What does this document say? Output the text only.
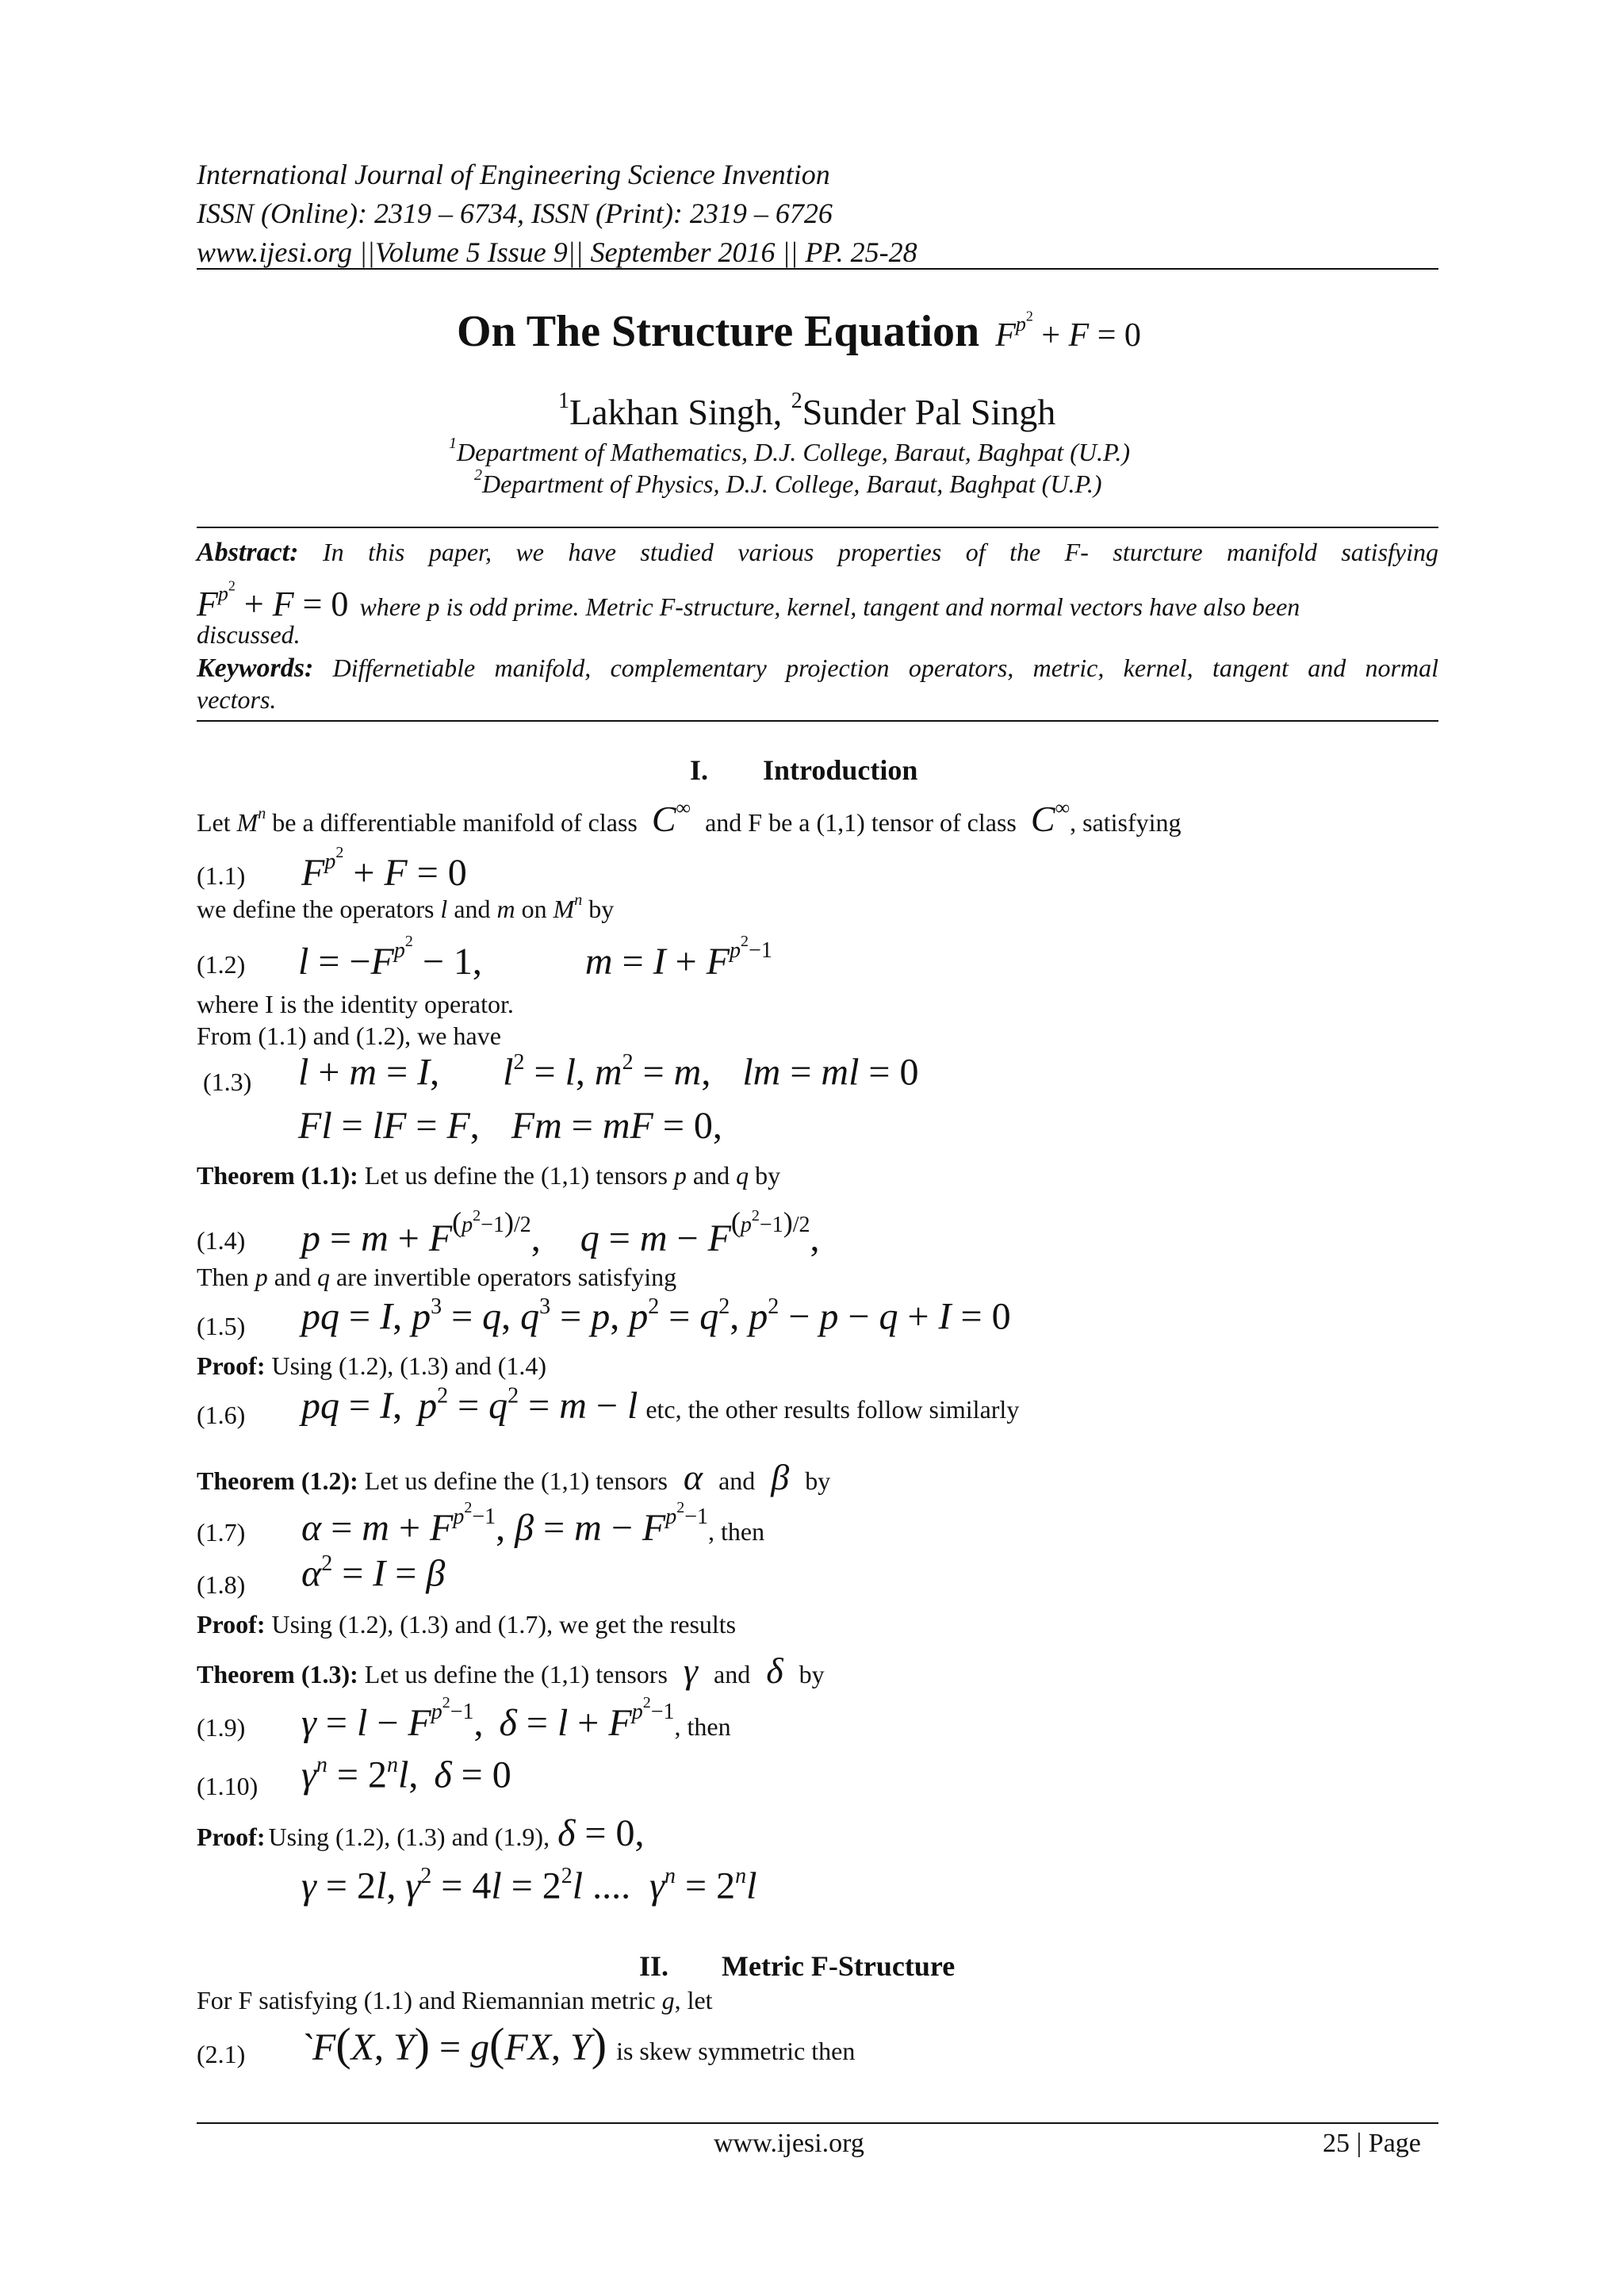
International Journal of Engineering Science Invention
ISSN (Online): 2319 – 6734, ISSN (Print): 2319 – 6726
www.ijesi.org ||Volume 5 Issue 9|| September 2016 || PP. 25-28
On The Structure Equation $F^{p^2} + F = 0$
$^1$Lakhan Singh, $^2$Sunder Pal Singh
$^1$Department of Mathematics, D.J. College, Baraut, Baghpat (U.P.)
$^2$Department of Physics, D.J. College, Baraut, Baghpat (U.P.)
Abstract: In this paper, we have studied various properties of the F- sturcture manifold satisfying
$F^{p^2} + F = 0$ where p is odd prime. Metric F-structure, kernel, tangent and normal vectors have also been
discussed.
Keywords: Differnetiable manifold, complementary projection operators, metric, kernel, tangent and normal
vectors.
I. Introduction
Let $M^n$ be a differentiable manifold of class C∞ and F be a (1,1) tensor of class C∞, satisfying
(1.1) $F^{p^2} + F = 0$
we define the operators l and m on $M^n$ by
(1.2) $l = -F^{p^2} - 1$,	$m = I + F^{p^2-1}$
where I is the identity operator.
From (1.1) and (1.2), we have
(1.3) l + m = I, $l^2 = l$, $m^2 = m$, lm = ml = 0
Fl = lF = F, Fm = mF = 0,
Theorem (1.1): Let us define the (1,1) tensors p and q by
(1.4) $p = m + F^{(p^2-1)/2}$, $q = m - F^{(p^2-1)/2}$,
Then p and q are invertible operators satisfying
(1.5) pq = I, $p^3 = q$, $q^3 = p$, $p^2 = q^2$, $p^2 - p - q + I = 0$
Proof: Using (1.2), (1.3) and (1.4)
(1.6) pq = I, $p^2 = q^2 = m - l$ etc, the other results follow similarly
Theorem (1.2): Let us define the (1,1) tensors α and β by
(1.7) $\alpha = m + F^{p^2-1}$, $\beta = m - F^{p^2-1}$, then
(1.8) $\alpha^2 = I = \beta$
Proof: Using (1.2), (1.3) and (1.7), we get the results
Theorem (1.3): Let us define the (1,1) tensors γ and δ by
(1.9) $\gamma = l - F^{p^2-1}$, $\delta = l + F^{p^2-1}$, then
(1.10) $\gamma^n = 2^nl$, δ = 0
Proof: Using (1.2), (1.3) and (1.9), δ = 0,
γ = 2l, $\gamma^2 = 4l = 2^2l$ .... $\gamma^n = 2^nl$
II. Metric F-Structure
For F satisfying (1.1) and Riemannian metric g, let
(2.1) `F(X, Y) = g(FX, Y) is skew symmetric then
www.ijesi.org	25 | Page
